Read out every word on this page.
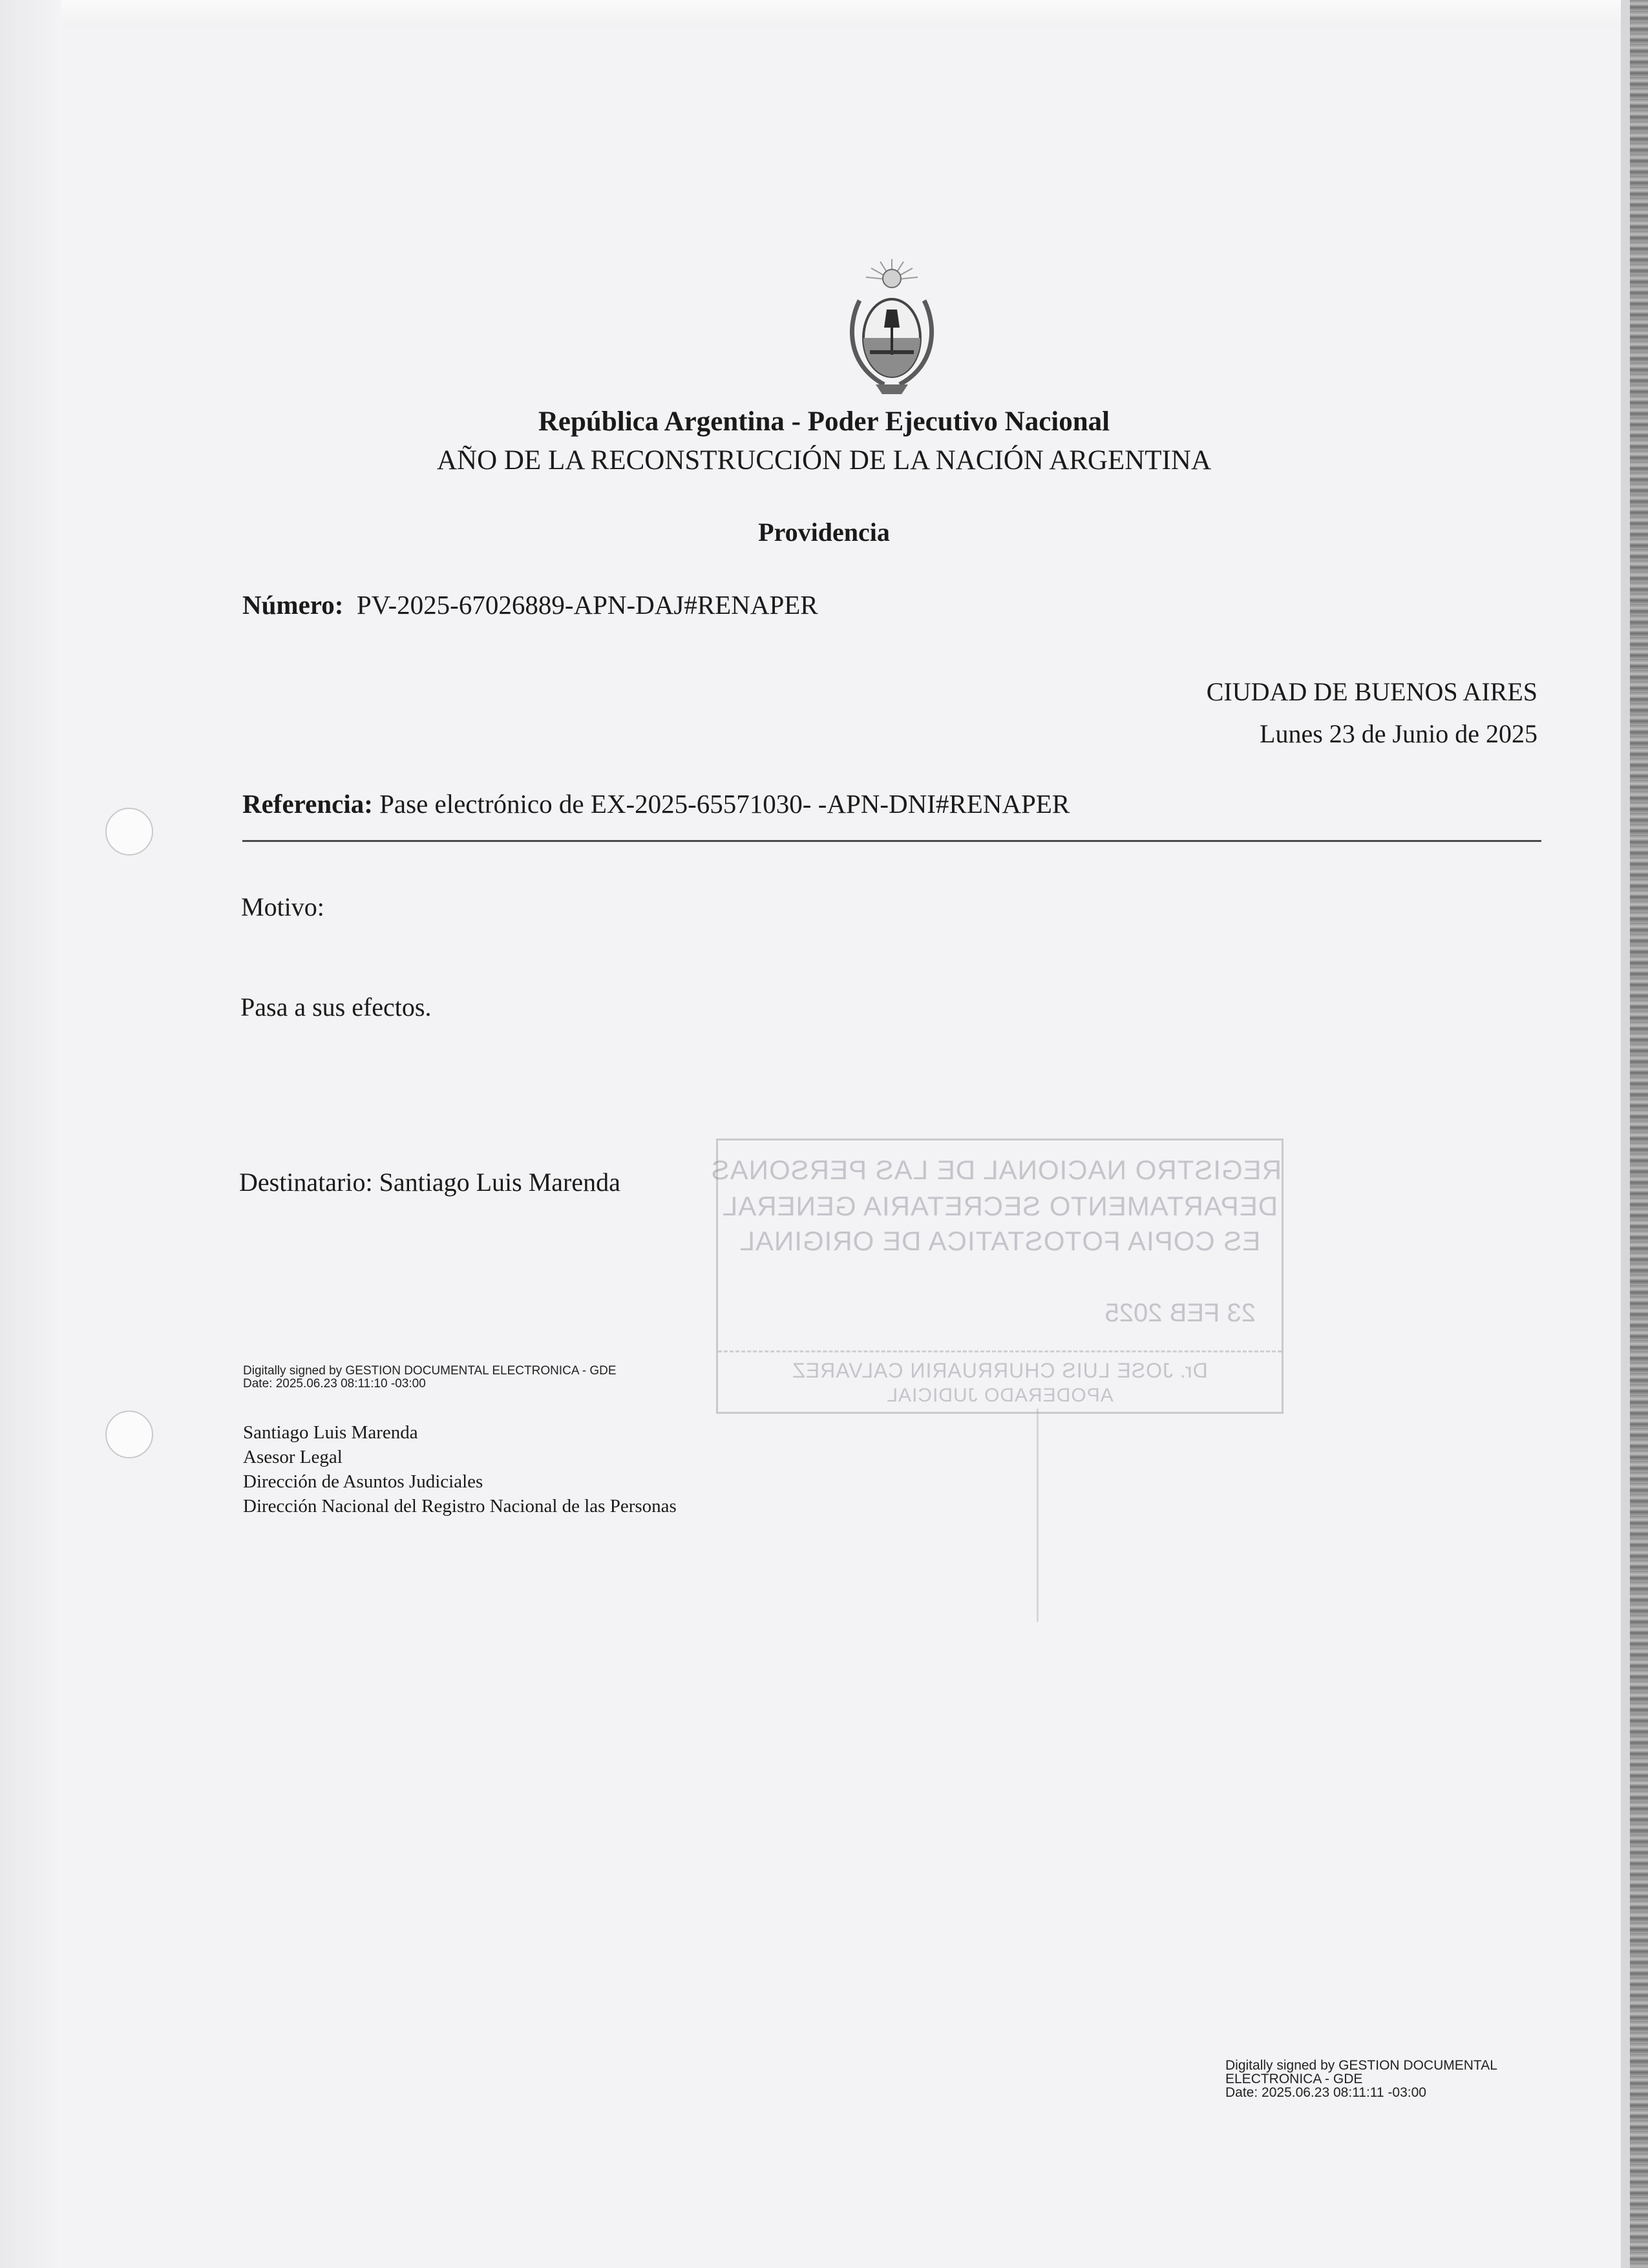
República Argentina - Poder Ejecutivo Nacional
AÑO DE LA RECONSTRUCCIÓN DE LA NACIÓN ARGENTINA
Providencia
Número: PV-2025-67026889-APN-DAJ#RENAPER
CIUDAD DE BUENOS AIRES
Lunes 23 de Junio de 2025
Referencia: Pase electrónico de EX-2025-65571030- -APN-DNI#RENAPER
Motivo:
Pasa a sus efectos.
Destinatario: Santiago Luis Marenda	REGISTRO NACIONAL DE LAS PERSONAS
DEPARTAMENTO SECRETARIA GENERAL
ES COPIA FOTOSTATICA DE ORIGINAL
23 FEB 2025
Dr. JOSE LUIS CHURRUARIN CALVAREZ
APODERADO JUDICIAL
Digitally signed by GESTION DOCUMENTAL ELECTRONICA - GDE
Date: 2025.06.23 08:11:10 -03:00
Santiago Luis Marenda
Asesor Legal
Dirección de Asuntos Judiciales
Dirección Nacional del Registro Nacional de las Personas
Digitally signed by GESTION DOCUMENTAL
ELECTRONICA - GDE
Date: 2025.06.23 08:11:11 -03:00
